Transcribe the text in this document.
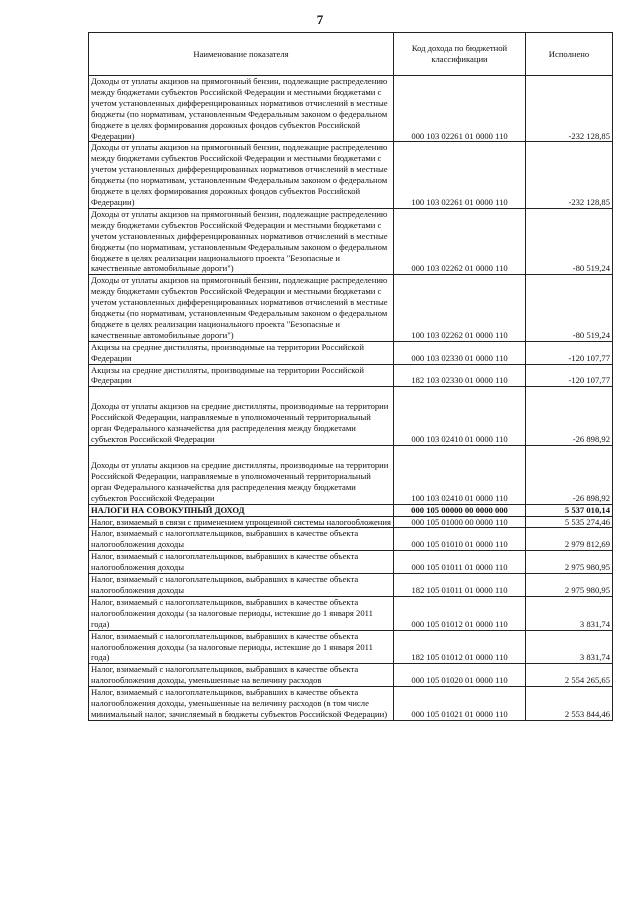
7
Наименование показателя	Код дохода по бюджетной классификации	Исполнено
Доходы от уплаты акцизов на прямогонный бензин, подлежащие распределению между бюджетами субъектов Российской Федерации и местными бюджетами с учетом установленных дифференцированных нормативов отчислений в местные бюджеты (по нормативам, установленным Федеральным законом о федеральном бюджете в целях формирования дорожных фондов субъектов Российской Федерации)	000 103 02261 01 0000 110	-232 128,85
Доходы от уплаты акцизов на прямогонный бензин, подлежащие распределению между бюджетами субъектов Российской Федерации и местными бюджетами с учетом установленных дифференцированных нормативов отчислений в местные бюджеты (по нормативам, установленным Федеральным законом о федеральном бюджете в целях формирования дорожных фондов субъектов Российской Федерации)	100 103 02261 01 0000 110	-232 128,85
Доходы от уплаты акцизов на прямогонный бензин, подлежащие распределению между бюджетами субъектов Российской Федерации и местными бюджетами с учетом установленных дифференцированных нормативов отчислений в местные бюджеты (по нормативам, установленным Федеральным законом о федеральном бюджете в целях реализации национального проекта "Безопасные и качественные автомобильные дороги")	000 103 02262 01 0000 110	-80 519,24
Доходы от уплаты акцизов на прямогонный бензин, подлежащие распределению между бюджетами субъектов Российской Федерации и местными бюджетами с учетом установленных дифференцированных нормативов отчислений в местные бюджеты (по нормативам, установленным Федеральным законом о федеральном бюджете в целях реализации национального проекта "Безопасные и качественные автомобильные дороги")	100 103 02262 01 0000 110	-80 519,24
Акцизы на средние дистилляты, производимые на территории Российской Федерации	000 103 02330 01 0000 110	-120 107,77
Акцизы на средние дистилляты, производимые на территории Российской Федерации	182 103 02330 01 0000 110	-120 107,77
Доходы от уплаты акцизов на средние дистилляты, производимые на территории Российской Федерации, направляемые в уполномоченный территориальный орган Федерального казначейства для распределения между бюджетами субъектов Российской Федерации	000 103 02410 01 0000 110	-26 898,92
Доходы от уплаты акцизов на средние дистилляты, производимые на территории Российской Федерации, направляемые в уполномоченный территориальный орган Федерального казначейства для распределения между бюджетами субъектов Российской Федерации	100 103 02410 01 0000 110	-26 898,92
НАЛОГИ НА СОВОКУПНЫЙ ДОХОД	000 105 00000 00 0000 000	5 537 010,14
Налог, взимаемый в связи с применением упрощенной системы налогообложения	000 105 01000 00 0000 110	5 535 274,46
Налог, взимаемый с налогоплательщиков, выбравших в качестве объекта налогообложения доходы	000 105 01010 01 0000 110	2 979 812,69
Налог, взимаемый с налогоплательщиков, выбравших в качестве объекта налогообложения доходы	000 105 01011 01 0000 110	2 975 980,95
Налог, взимаемый с налогоплательщиков, выбравших в качестве объекта налогообложения доходы	182 105 01011 01 0000 110	2 975 980,95
Налог, взимаемый с налогоплательщиков, выбравших в качестве объекта налогообложения доходы (за налоговые периоды, истекшие до 1 января 2011 года)	000 105 01012 01 0000 110	3 831,74
Налог, взимаемый с налогоплательщиков, выбравших в качестве объекта налогообложения доходы (за налоговые периоды, истекшие до 1 января 2011 года)	182 105 01012 01 0000 110	3 831,74
Налог, взимаемый с налогоплательщиков, выбравших в качестве объекта налогообложения доходы, уменьшенные на величину расходов	000 105 01020 01 0000 110	2 554 265,65
Налог, взимаемый с налогоплательщиков, выбравших в качестве объекта налогообложения доходы, уменьшенные на величину расходов (в том числе минимальный налог, зачисляемый в бюджеты субъектов Российской Федерации)	000 105 01021 01 0000 110	2 553 844,46
